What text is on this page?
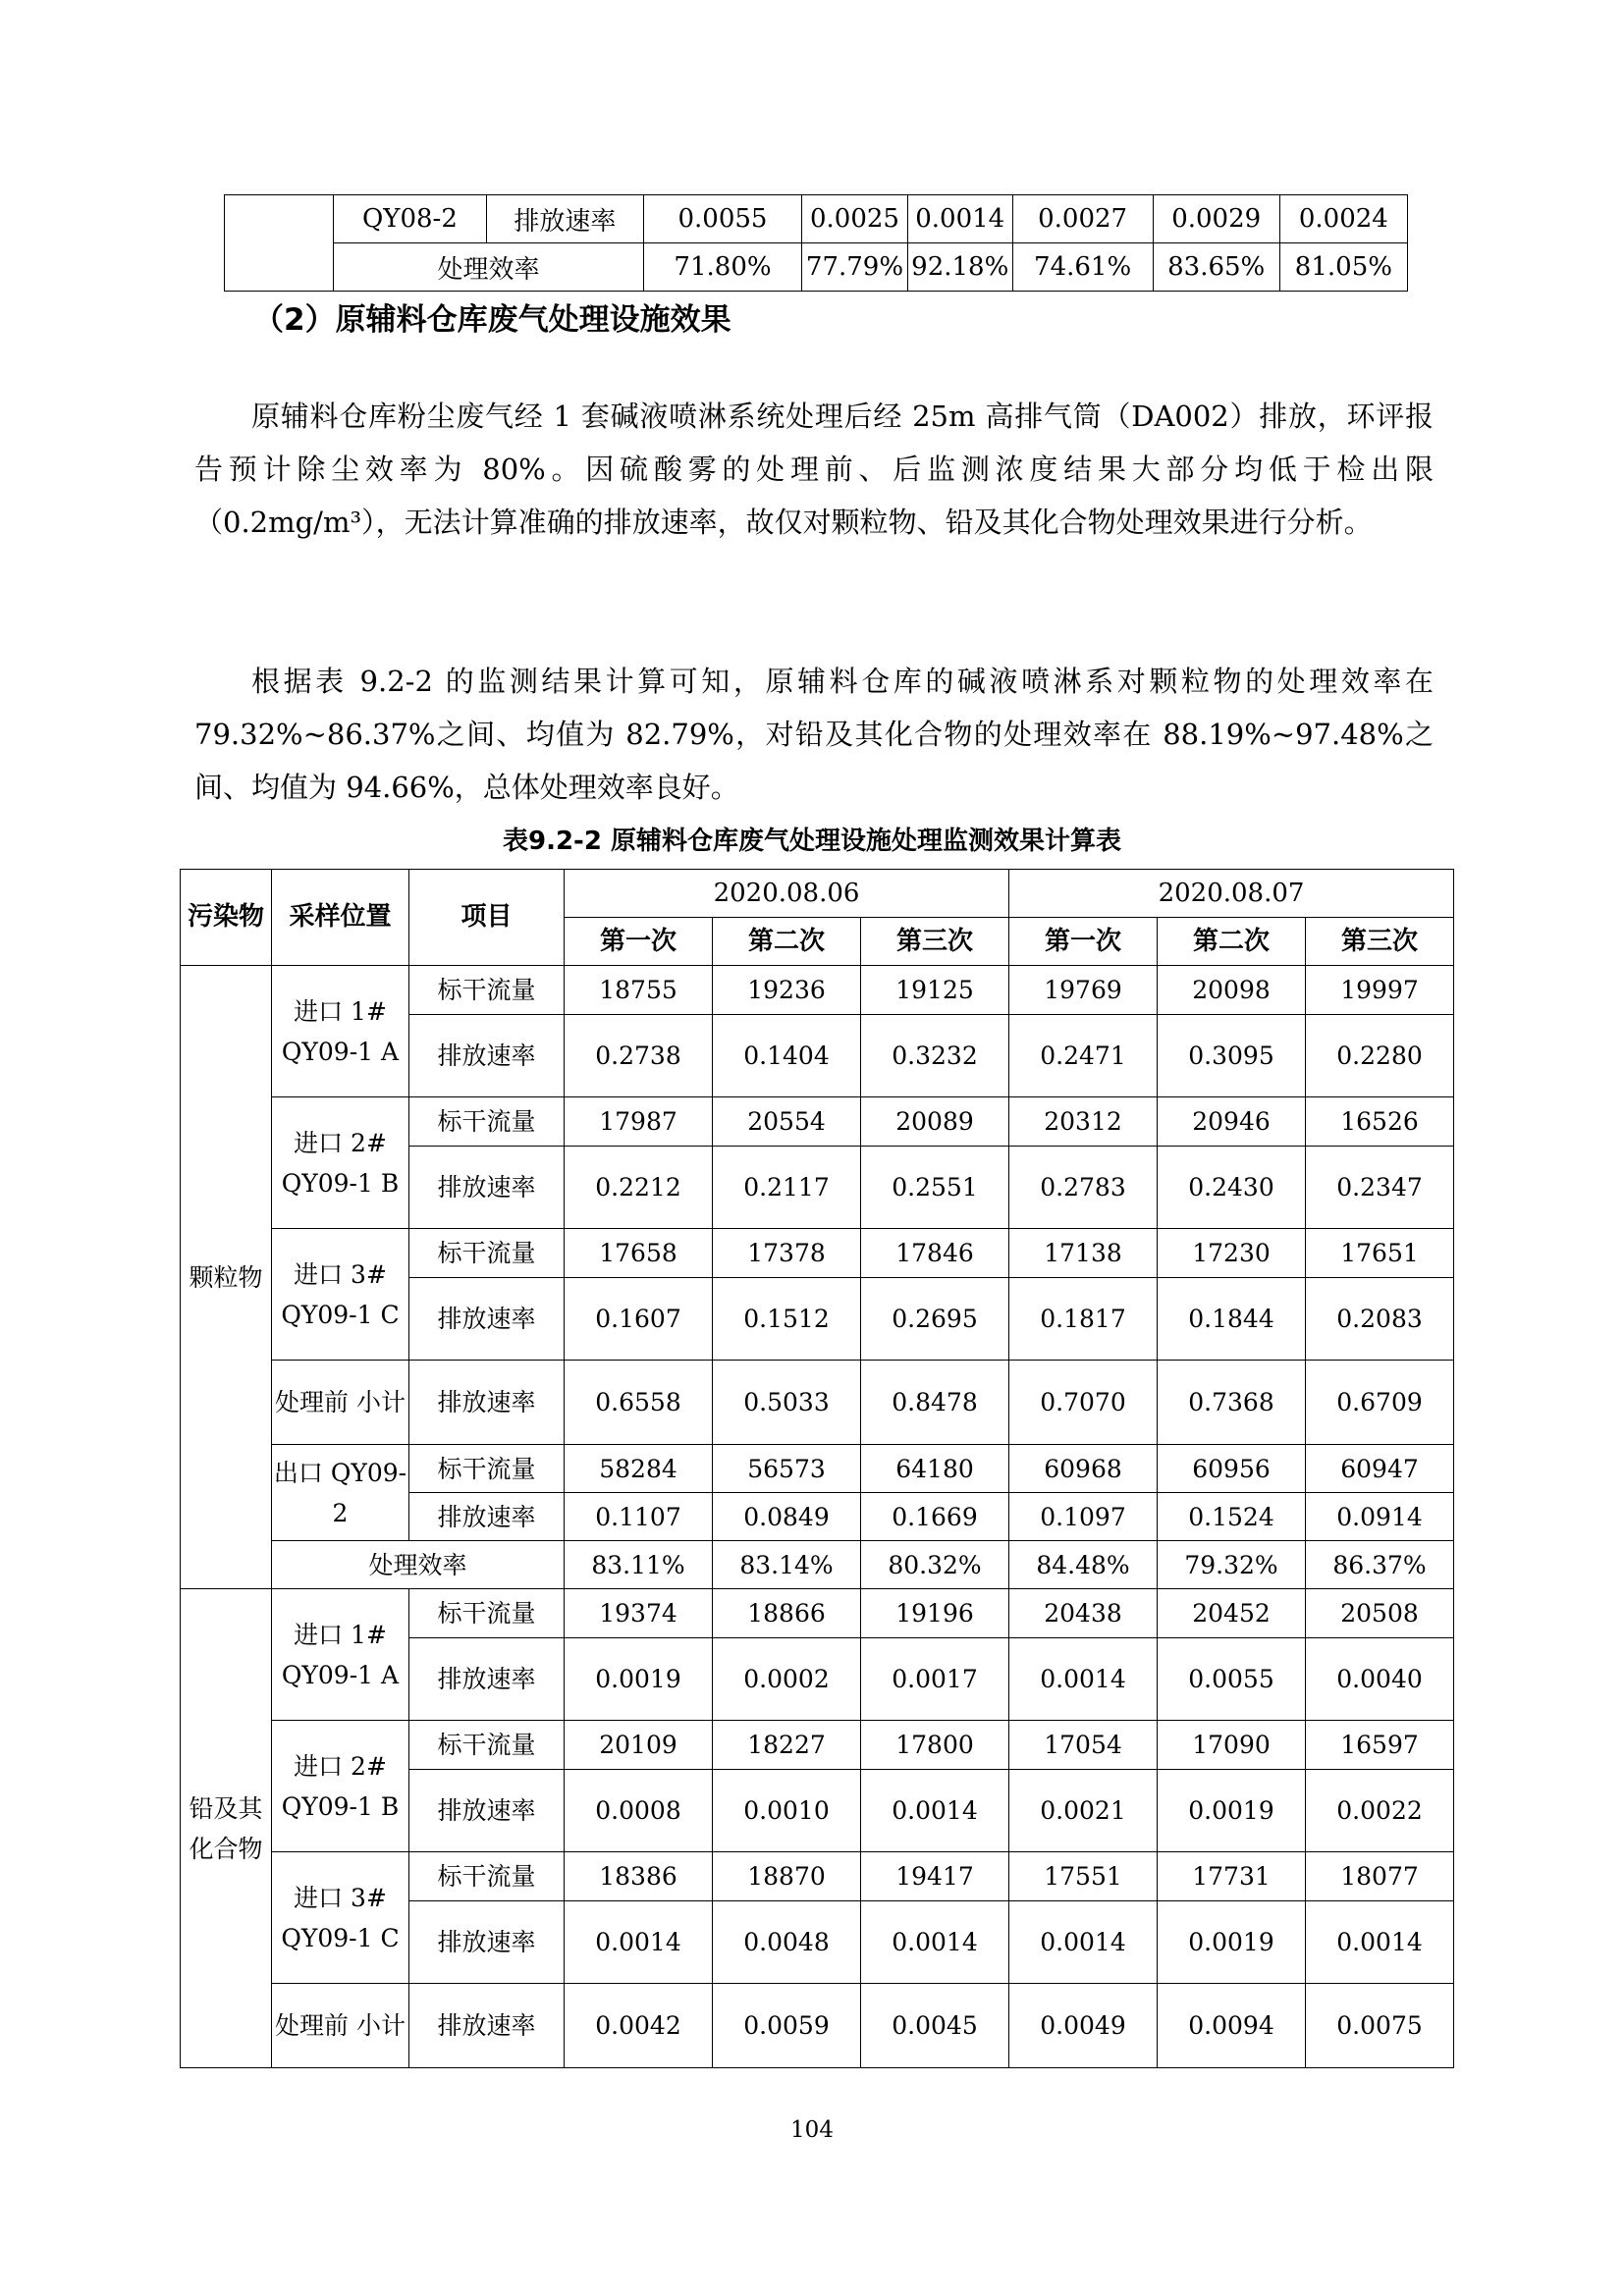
	QY08-2	排放速率	0.0055	0.0025	0.0014	0.0027	0.0029	0.0024
	处理效率		71.80%	77.79%	92.18%	74.61%	83.65%	81.05%
（2）原辅料仓库废气处理设施效果

原辅料仓库粉尘废气经 1 套碱液喷淋系统处理后经 25m 高排气筒（DA002）排放，环评报告预计除尘效率为 80%。因硫酸雾的处理前、后监测浓度结果大部分均低于检出限（0.2mg/m³），无法计算准确的排放速率，故仅对颗粒物、铅及其化合物处理效果进行分析。

根据表 9.2-2 的监测结果计算可知，原辅料仓库的碱液喷淋系对颗粒物的处理效率在 79.32%~86.37%之间、均值为 82.79%，对铅及其化合物的处理效率在 88.19%~97.48%之间、均值为 94.66%，总体处理效率良好。

表9.2-2 原辅料仓库废气处理设施处理监测效果计算表
污染物	采样位置	项目	2020.08.06			2020.08.07		
			第一次	第二次	第三次	第一次	第二次	第三次
颗粒物	进口 1# QY09-1 A	标干流量	18755	19236	19125	19769	20098	19997
		排放速率	0.2738	0.1404	0.3232	0.2471	0.3095	0.2280
	进口 2# QY09-1 B	标干流量	17987	20554	20089	20312	20946	16526
		排放速率	0.2212	0.2117	0.2551	0.2783	0.2430	0.2347
	进口 3# QY09-1 C	标干流量	17658	17378	17846	17138	17230	17651
		排放速率	0.1607	0.1512	0.2695	0.1817	0.1844	0.2083
	处理前 小计	排放速率	0.6558	0.5033	0.8478	0.7070	0.7368	0.6709
	出口 QY09-2	标干流量	58284	56573	64180	60968	60956	60947
		排放速率	0.1107	0.0849	0.1669	0.1097	0.1524	0.0914
	处理效率		83.11%	83.14%	80.32%	84.48%	79.32%	86.37%
铅及其化合物	进口 1# QY09-1 A	标干流量	19374	18866	19196	20438	20452	20508
		排放速率	0.0019	0.0002	0.0017	0.0014	0.0055	0.0040
	进口 2# QY09-1 B	标干流量	20109	18227	17800	17054	17090	16597
		排放速率	0.0008	0.0010	0.0014	0.0021	0.0019	0.0022
	进口 3# QY09-1 C	标干流量	18386	18870	19417	17551	17731	18077
		排放速率	0.0014	0.0048	0.0014	0.0014	0.0019	0.0014
	处理前 小计	排放速率	0.0042	0.0059	0.0045	0.0049	0.0094	0.0075
104
